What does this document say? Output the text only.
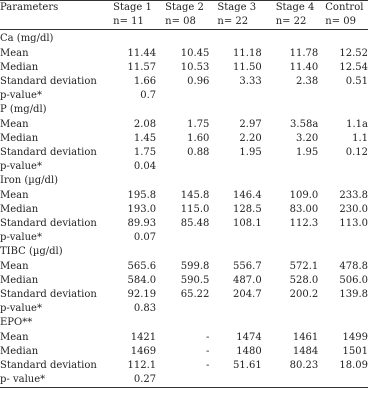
Parameters	Stage 1	Stage 2	Stage 3	Stage 4	Control
	n= 11	n= 08	n= 22	n= 22	n= 09
Ca (mg/dl)					
Mean	11.44	10.45	11.18	11.78	12.52
Median	11.57	10.53	11.50	11.40	12.54
Standard deviation	1.66	0.96	3.33	2.38	0.51
p-value*	0.7				
P (mg/dl)					
Mean	2.08	1.75	2.97	3.58a	1.1a
Median	1.45	1.60	2.20	3.20	1.1
Standard deviation	1.75	0.88	1.95	1.95	0.12
p-value*	0.04				
Iron (µg/dl)					
Mean	195.8	145.8	146.4	109.0	233.8
Median	193.0	115.0	128.5	83.00	230.0
Standard deviation	89.93	85.48	108.1	112.3	113.0
p-value*	0.07				
TIBC (µg/dl)					
Mean	565.6	599.8	556.7	572.1	478.8
Median	584.0	590.5	487.0	528.0	506.0
Standard deviation	92.19	65.22	204.7	200.2	139.8
p-value*	0.83				
EPO**					
Mean	1421	-	1474	1461	1499
Median	1469	-	1480	1484	1501
Standard deviation	112.1	-	51.61	80.23	18.09
p- value*	0.27				
